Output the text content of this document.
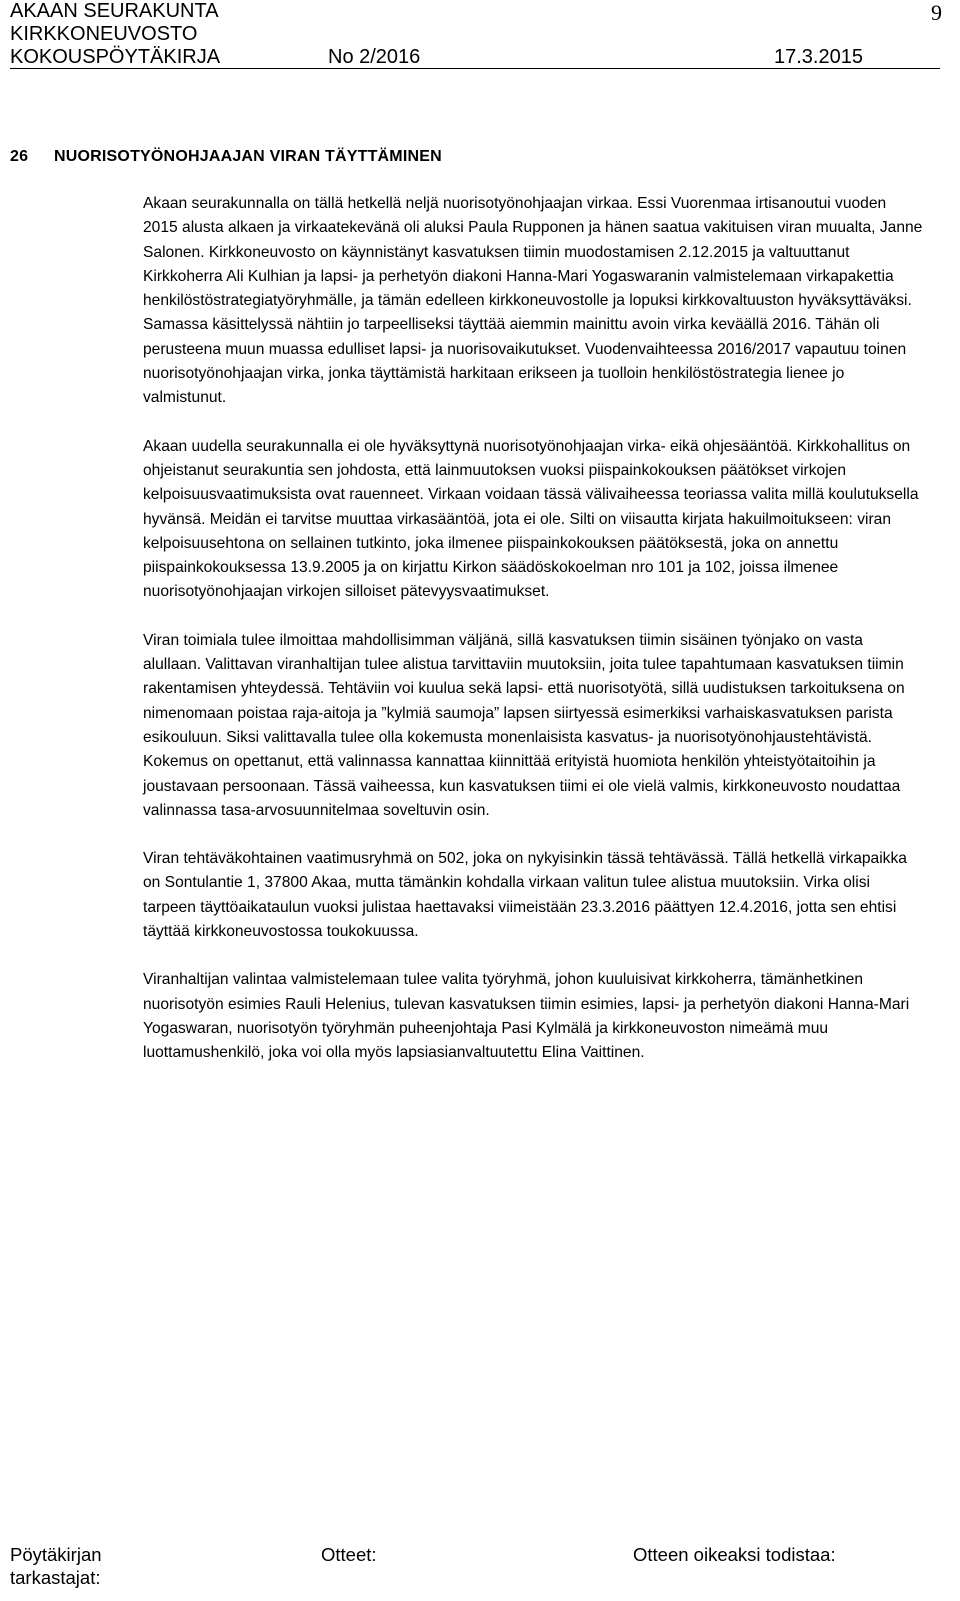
AKAAN SEURAKUNTA
KIRKKONEUVOSTO
KOKOUSPÖYTÄKIRJA	No 2/2016	17.3.2015
9
26 NUORISOTYÖNOHJAAJAN VIRAN TÄYTTÄMINEN

Akaan seurakunnalla on tällä hetkellä neljä nuorisotyönohjaajan virkaa. Essi Vuorenmaa irtisanoutui vuoden 2015 alusta alkaen ja virkaatekevänä oli aluksi Paula Rupponen ja hänen saatua vakituisen viran muualta, Janne Salonen. Kirkkoneuvosto on käynnistänyt kasvatuksen tiimin muodostamisen 2.12.2015 ja valtuuttanut Kirkkoherra Ali Kulhian ja lapsi- ja perhetyön diakoni Hanna-Mari Yogaswaranin valmistelemaan virkapakettia henkilöstöstrategiatyöryhmälle, ja tämän edelleen kirkkoneuvostolle ja lopuksi kirkkovaltuuston hyväksyttäväksi. Samassa käsittelyssä nähtiin jo tarpeelliseksi täyttää aiemmin mainittu avoin virka keväällä 2016. Tähän oli perusteena muun muassa edulliset lapsi- ja nuorisovaikutukset. Vuodenvaihteessa 2016/2017 vapautuu toinen nuorisotyönohjaajan virka, jonka täyttämistä harkitaan erikseen ja tuolloin henkilöstöstrategia lienee jo valmistunut.

Akaan uudella seurakunnalla ei ole hyväksyttynä nuorisotyönohjaajan virka- eikä ohjesääntöä. Kirkkohallitus on ohjeistanut seurakuntia sen johdosta, että lainmuutoksen vuoksi piispainkokouksen päätökset virkojen kelpoisuusvaatimuksista ovat rauenneet. Virkaan voidaan tässä välivaiheessa teoriassa valita millä koulutuksella hyvänsä. Meidän ei tarvitse muuttaa virkasääntöä, jota ei ole. Silti on viisautta kirjata hakuilmoitukseen: viran kelpoisuusehtona on sellainen tutkinto, joka ilmenee piispainkokouksen päätöksestä, joka on annettu piispainkokouksessa 13.9.2005 ja on kirjattu Kirkon säädöskokoelman nro 101 ja 102, joissa ilmenee nuorisotyönohjaajan virkojen silloiset pätevyysvaatimukset.

Viran toimiala tulee ilmoittaa mahdollisimman väljänä, sillä kasvatuksen tiimin sisäinen työnjako on vasta alullaan. Valittavan viranhaltijan tulee alistua tarvittaviin muutoksiin, joita tulee tapahtumaan kasvatuksen tiimin rakentamisen yhteydessä. Tehtäviin voi kuulua sekä lapsi- että nuorisotyötä, sillä uudistuksen tarkoituksena on nimenomaan poistaa raja-aitoja ja ”kylmiä saumoja” lapsen siirtyessä esimerkiksi varhaiskasvatuksen parista esikouluun. Siksi valittavalla tulee olla kokemusta monenlaisista kasvatus- ja nuorisotyönohjaustehtävistä. Kokemus on opettanut, että valinnassa kannattaa kiinnittää erityistä huomiota henkilön yhteistyötaitoihin ja joustavaan persoonaan. Tässä vaiheessa, kun kasvatuksen tiimi ei ole vielä valmis, kirkkoneuvosto noudattaa valinnassa tasa-arvosuunnitelmaa soveltuvin osin.

Viran tehtäväkohtainen vaatimusryhmä on 502, joka on nykyisinkin tässä tehtävässä. Tällä hetkellä virkapaikka on Sontulantie 1, 37800 Akaa, mutta tämänkin kohdalla virkaan valitun tulee alistua muutoksiin. Virka olisi tarpeen täyttöaikataulun vuoksi julistaa haettavaksi viimeistään 23.3.2016 päättyen 12.4.2016, jotta sen ehtisi täyttää kirkkoneuvostossa toukokuussa.

Viranhaltijan valintaa valmistelemaan tulee valita työryhmä, johon kuuluisivat kirkkoherra, tämänhetkinen nuorisotyön esimies Rauli Helenius, tulevan kasvatuksen tiimin esimies, lapsi- ja perhetyön diakoni Hanna-Mari Yogaswaran, nuorisotyön työryhmän puheenjohtaja Pasi Kylmälä ja kirkkoneuvoston nimeämä muu luottamushenkilö, joka voi olla myös lapsiasianvaltuutettu Elina Vaittinen.

Pöytäkirjan
tarkastajat:
Otteet:	Otteen oikeaksi todistaa:
